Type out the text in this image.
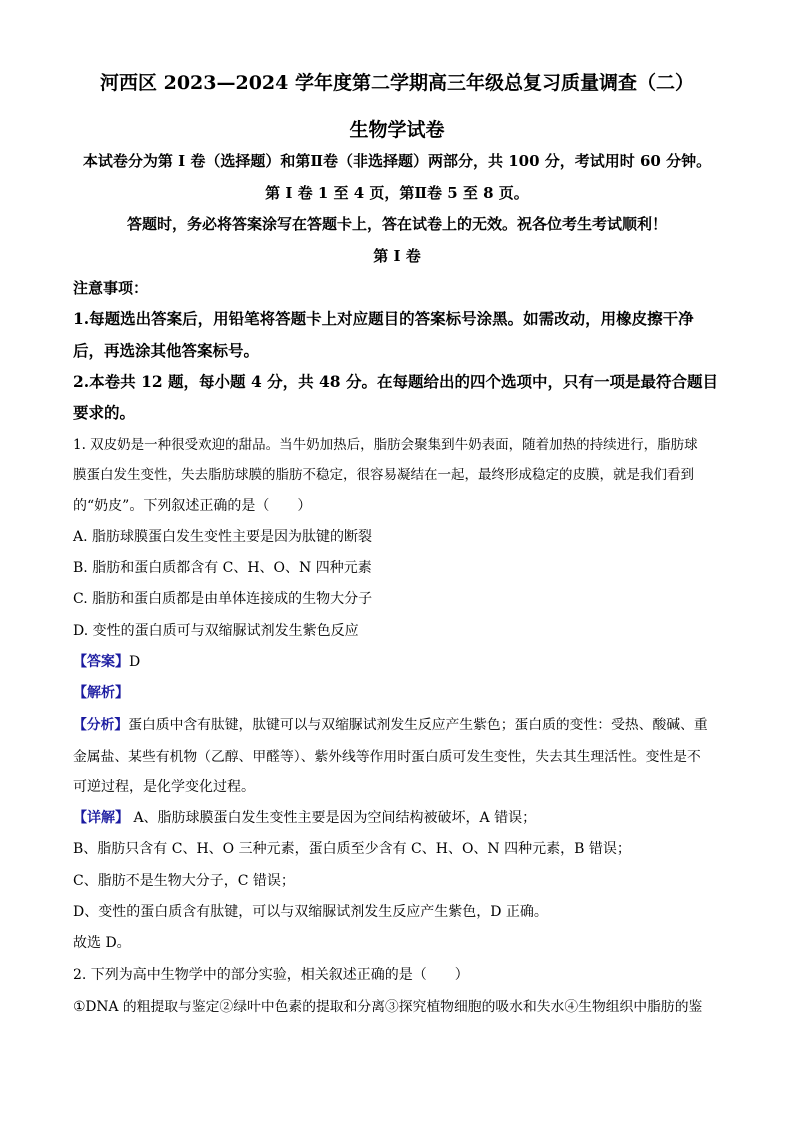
河西区 2023—2024 学年度第二学期高三年级总复习质量调查（二）
生物学试卷
本试卷分为第 I 卷（选择题）和第Ⅱ卷（非选择题）两部分，共 100 分，考试用时 60 分钟。
第 I 卷 1 至 4 页，第Ⅱ卷 5 至 8 页。
答题时，务必将答案涂写在答题卡上，答在试卷上的无效。祝各位考生考试顺利！
第 I 卷
注意事项：
1.每题选出答案后，用铅笔将答题卡上对应题目的答案标号涂黑。如需改动，用橡皮擦干净
后，再选涂其他答案标号。
2.本卷共 12 题，每小题 4 分，共 48 分。在每题给出的四个选项中，只有一项是最符合题目
要求的。
1. 双皮奶是一种很受欢迎的甜品。当牛奶加热后，脂肪会聚集到牛奶表面，随着加热的持续进行，脂肪球
膜蛋白发生变性，失去脂肪球膜的脂肪不稳定，很容易凝结在一起，最终形成稳定的皮膜，就是我们看到
的“奶皮”。下列叙述正确的是（　　）
A. 脂肪球膜蛋白发生变性主要是因为肽键的断裂
B. 脂肪和蛋白质都含有 C、H、O、N 四种元素
C. 脂肪和蛋白质都是由单体连接成的生物大分子
D. 变性的蛋白质可与双缩脲试剂发生紫色反应
【答案】D
【解析】
【分析】蛋白质中含有肽键，肽键可以与双缩脲试剂发生反应产生紫色；蛋白质的变性：受热、酸碱、重
金属盐、某些有机物（乙醇、甲醛等）、紫外线等作用时蛋白质可发生变性，失去其生理活性。变性是不
可逆过程，是化学变化过程。
【详解】 A、脂肪球膜蛋白发生变性主要是因为空间结构被破坏，A 错误；
B、脂肪只含有 C、H、O 三种元素，蛋白质至少含有 C、H、O、N 四种元素，B 错误；
C、脂肪不是生物大分子，C 错误；
D、变性的蛋白质含有肽键，可以与双缩脲试剂发生反应产生紫色，D 正确。
故选 D。
2. 下列为高中生物学中的部分实验，相关叙述正确的是（　　）
①DNA 的粗提取与鉴定②绿叶中色素的提取和分离③探究植物细胞的吸水和失水④生物组织中脂肪的鉴
